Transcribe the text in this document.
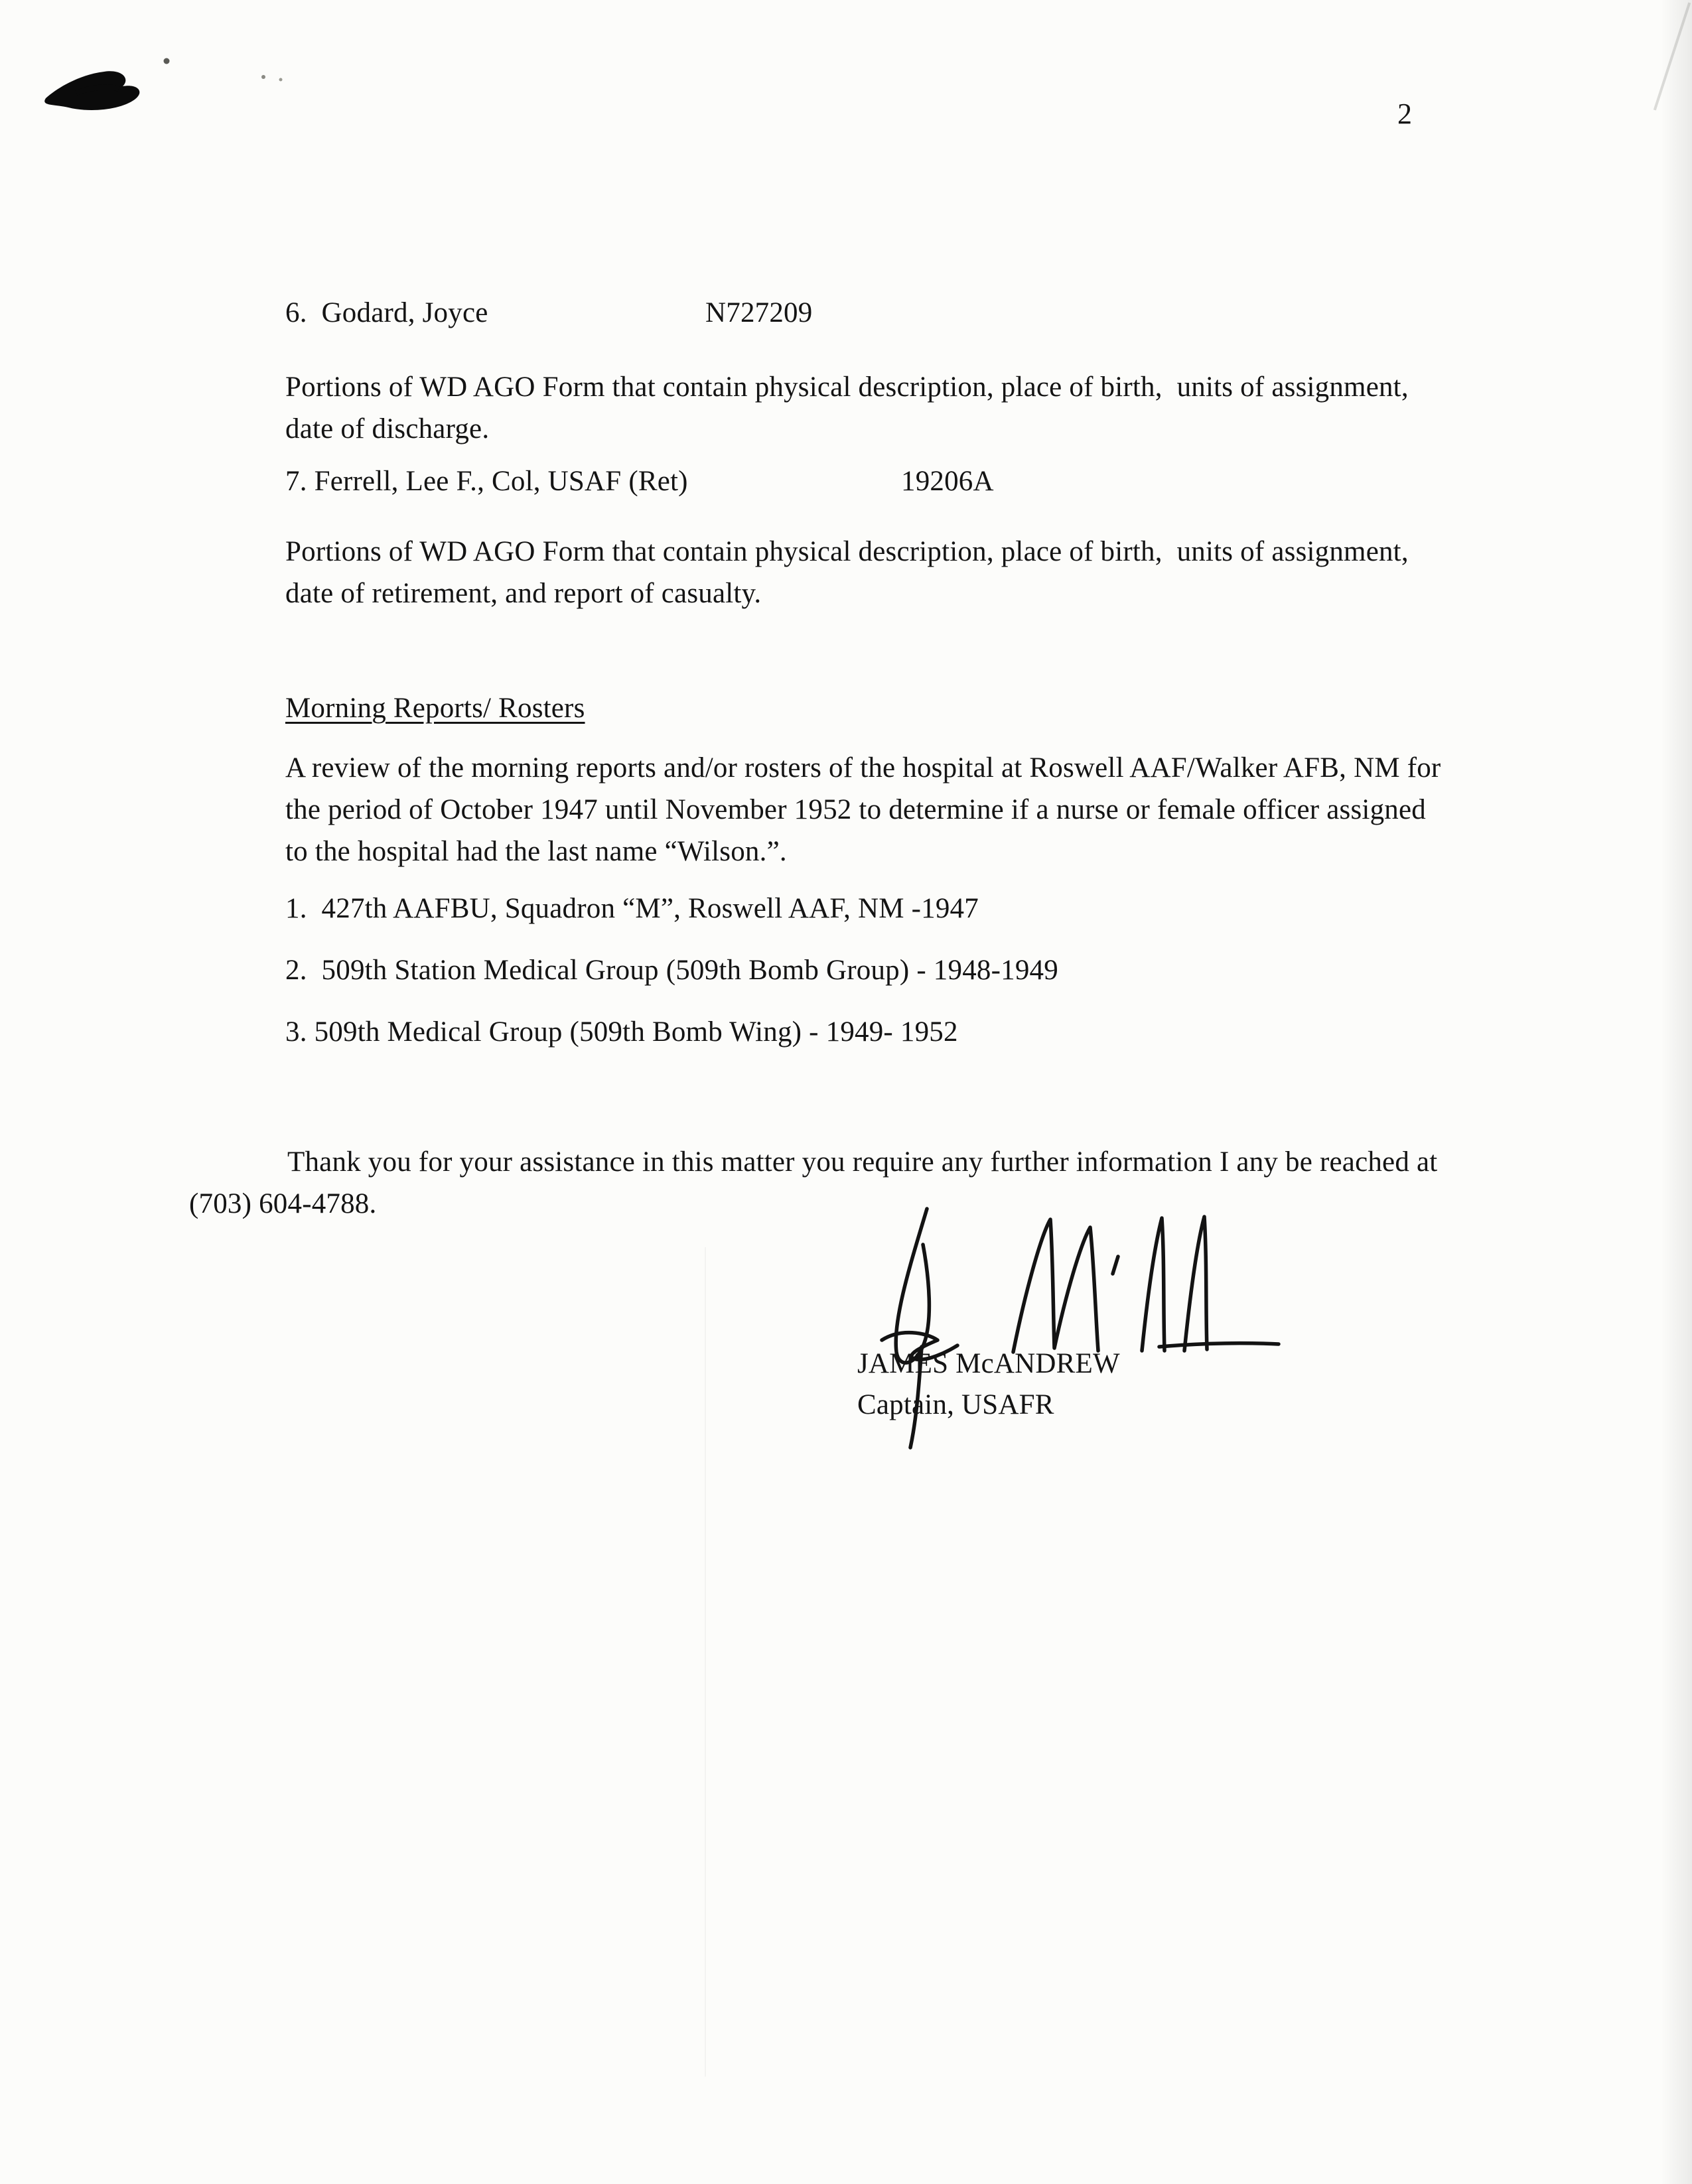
2
6.  Godard, Joyce	N727209

Portions of WD AGO Form that contain physical description, place of birth,  units of assignment, date of discharge.

7. Ferrell, Lee F., Col, USAF (Ret)	19206A

Portions of WD AGO Form that contain physical description, place of birth,  units of assignment, date of retirement, and report of casualty.

Morning Reports/ Rosters

A review of the morning reports and/or rosters of the hospital at Roswell AAF/Walker AFB, NM for the period of October 1947 until November 1952 to determine if a nurse or female officer assigned to the hospital had the last name “Wilson.”.

1.  427th AAFBU, Squadron “M”, Roswell AAF, NM -1947

2.  509th Station Medical Group (509th Bomb Group) - 1948-1949

3. 509th Medical Group (509th Bomb Wing) - 1949- 1952

Thank you for your assistance in this matter you require any further information I any be reached at (703) 604-4788.

JAMES McANDREW
Captain, USAFR
